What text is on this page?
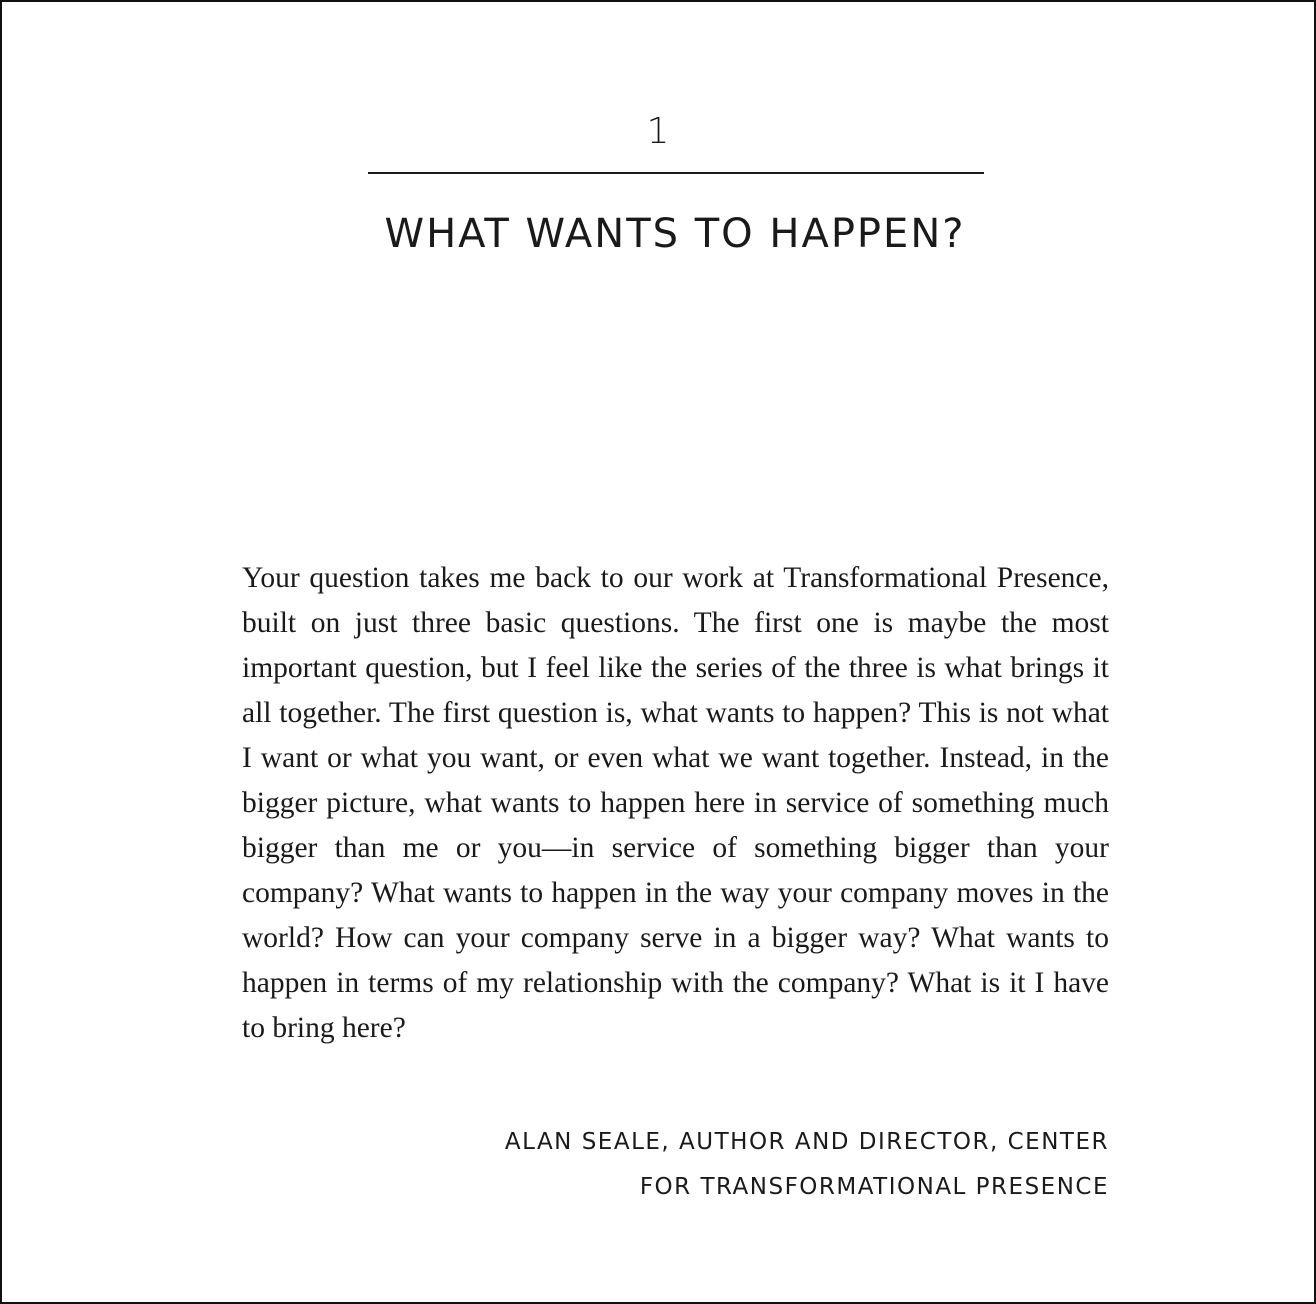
1
WHAT WANTS TO HAPPEN?

Your question takes me back to our work at Transformational Presence, built on just three basic questions. The first one is maybe the most important question, but I feel like the series of the three is what brings it all together. The first question is, what wants to happen? This is not what I want or what you want, or even what we want together. Instead, in the bigger picture, what wants to happen here in service of something much bigger than me or you—in service of something bigger than your company? What wants to happen in the way your company moves in the world? How can your company serve in a bigger way? What wants to happen in terms of my relationship with the company? What is it I have to bring here?

ALAN SEALE, AUTHOR AND DIRECTOR, CENTER
FOR TRANSFORMATIONAL PRESENCE
